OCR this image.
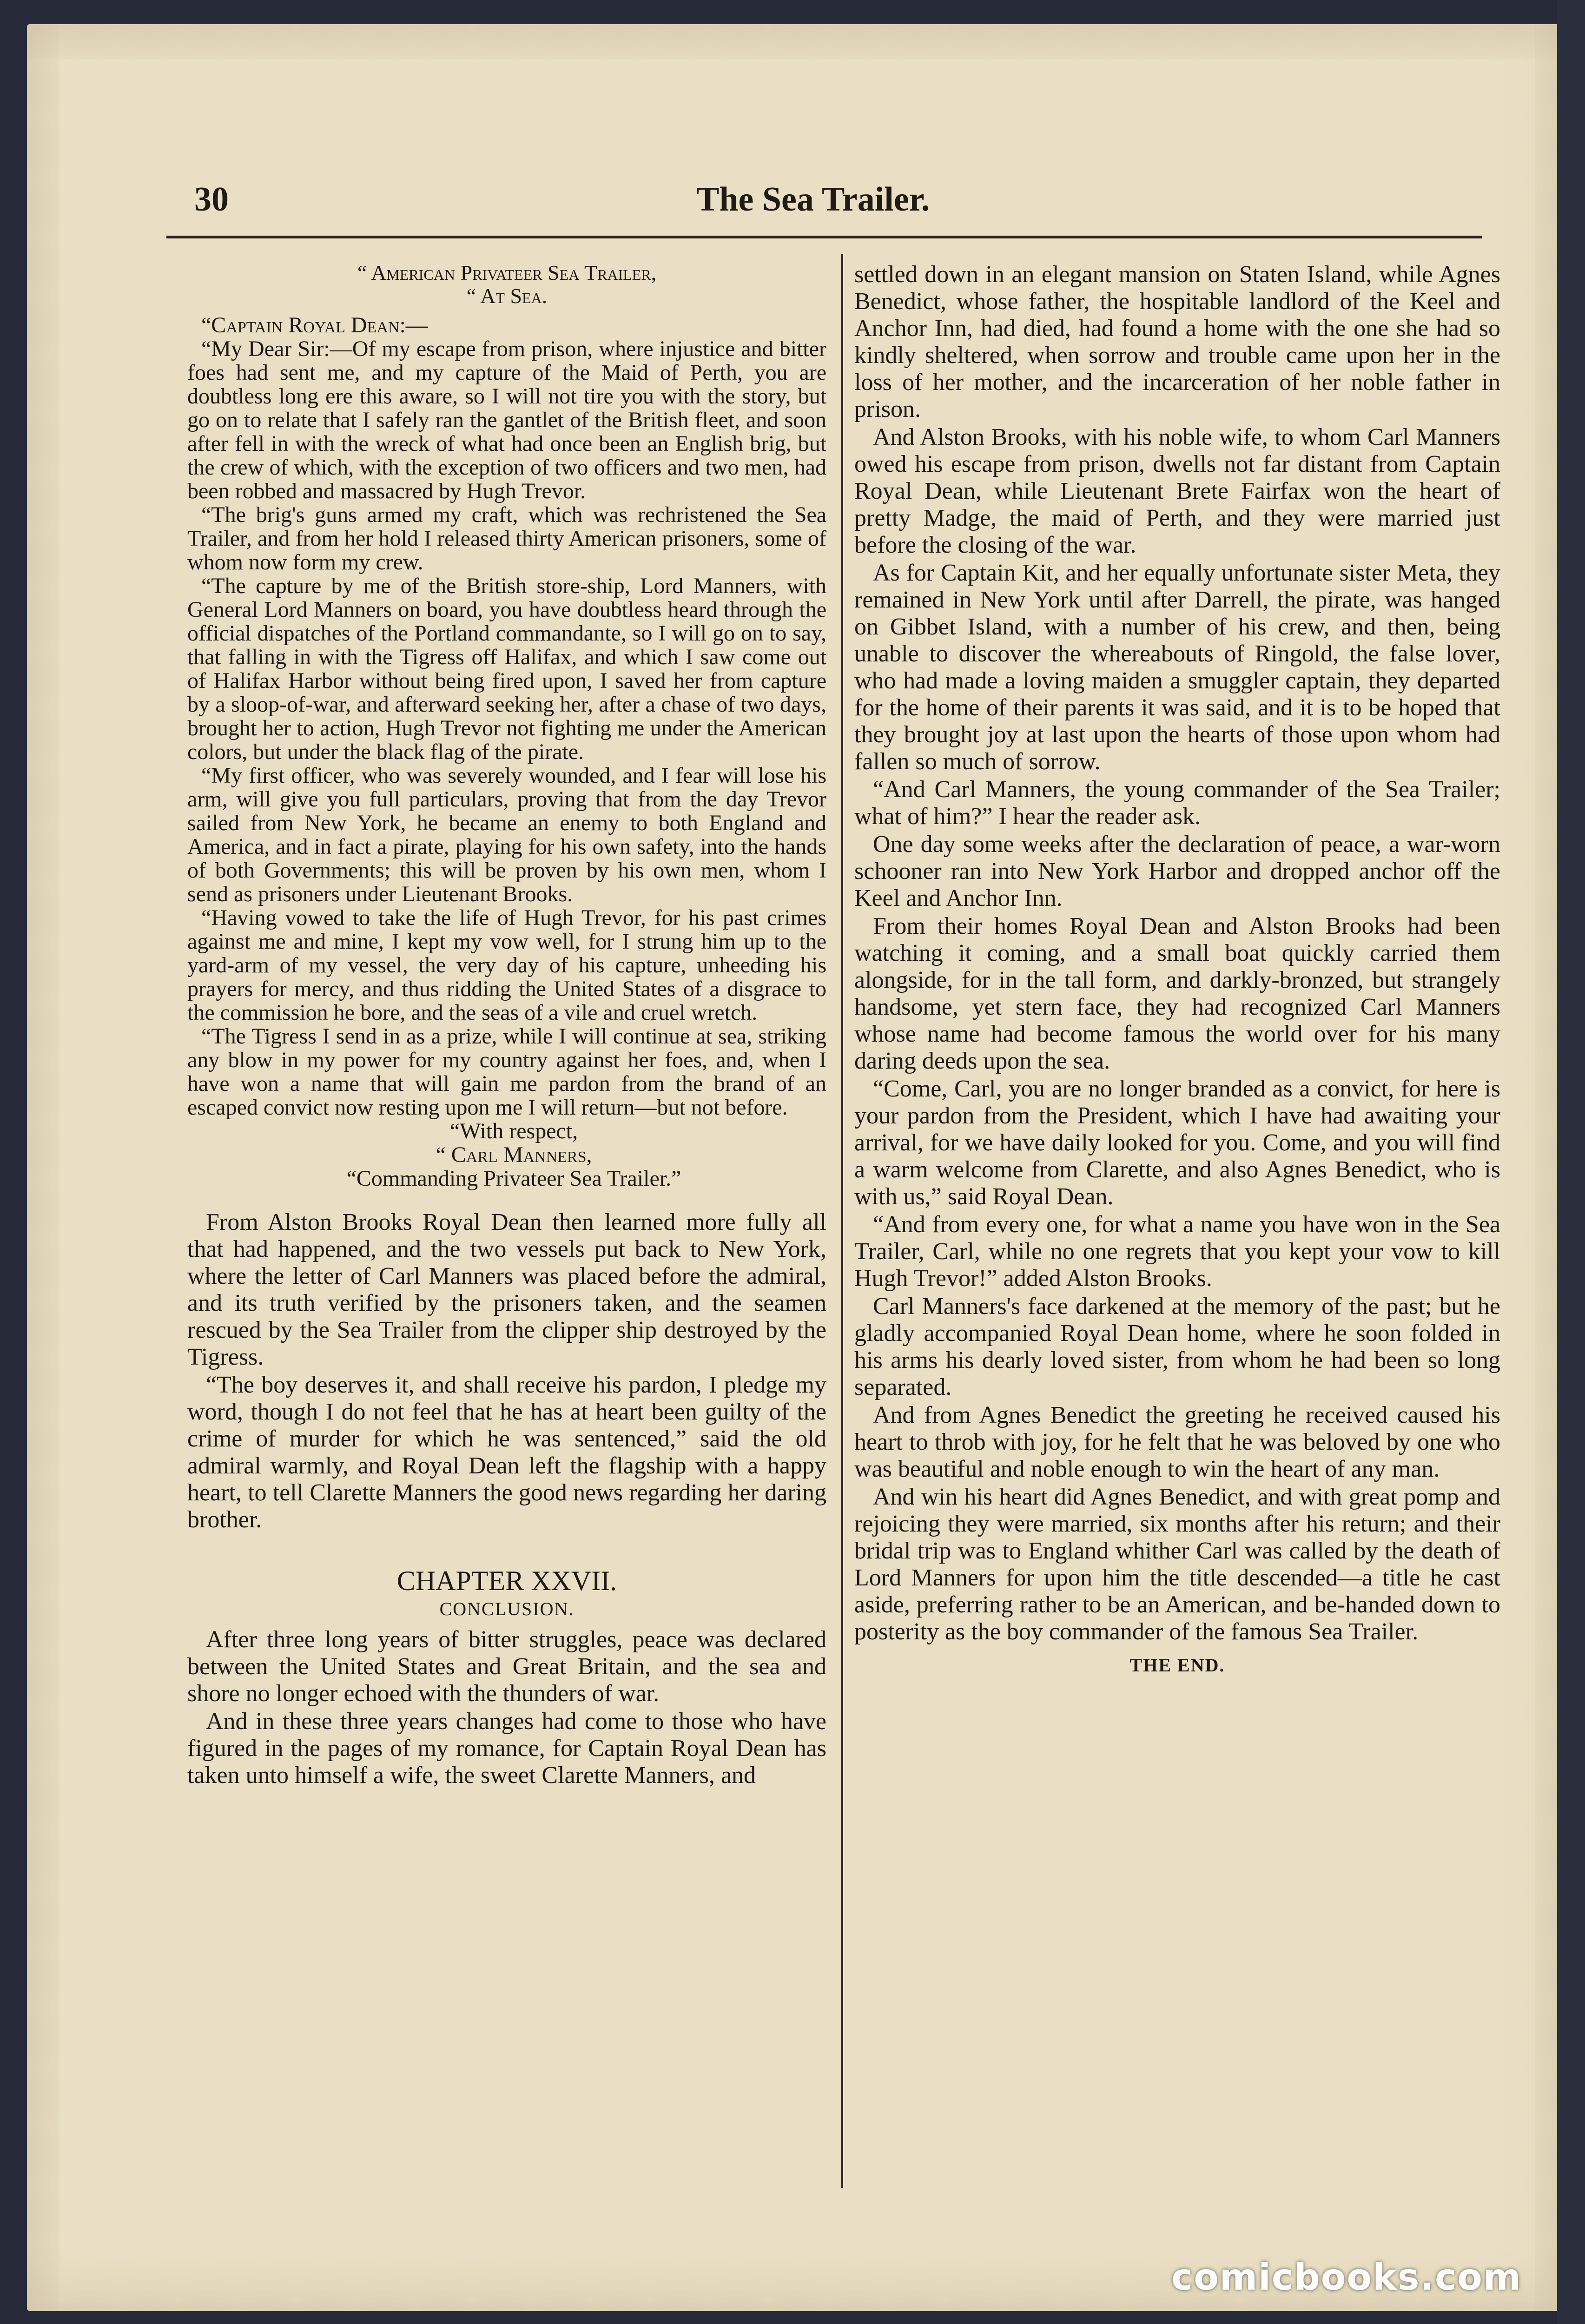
30	The Sea Trailer.
“ American Privateer Sea Trailer,
“ At Sea.

“Captain Royal Dean:—

“My Dear Sir:—Of my escape from prison, where injustice and bitter foes had sent me, and my capture of the Maid of Perth, you are doubtless long ere this aware, so I will not tire you with the story, but go on to relate that I safely ran the gantlet of the British fleet, and soon after fell in with the wreck of what had once been an English brig, but the crew of which, with the exception of two officers and two men, had been robbed and massacred by Hugh Trevor.

“The brig's guns armed my craft, which was rechristened the Sea Trailer, and from her hold I released thirty American prisoners, some of whom now form my crew.

“The capture by me of the British store-ship, Lord Manners, with General Lord Manners on board, you have doubtless heard through the official dispatches of the Portland commandante, so I will go on to say, that falling in with the Tigress off Halifax, and which I saw come out of Halifax Harbor without being fired upon, I saved her from capture by a sloop-of-war, and afterward seeking her, after a chase of two days, brought her to action, Hugh Trevor not fighting me under the American colors, but under the black flag of the pirate.

“My first officer, who was severely wounded, and I fear will lose his arm, will give you full particulars, proving that from the day Trevor sailed from New York, he became an enemy to both England and America, and in fact a pirate, playing for his own safety, into the hands of both Governments; this will be proven by his own men, whom I send as prisoners under Lieutenant Brooks.

“Having vowed to take the life of Hugh Trevor, for his past crimes against me and mine, I kept my vow well, for I strung him up to the yard-arm of my vessel, the very day of his capture, unheeding his prayers for mercy, and thus ridding the United States of a disgrace to the commission he bore, and the seas of a vile and cruel wretch.

“The Tigress I send in as a prize, while I will continue at sea, striking any blow in my power for my country against her foes, and, when I have won a name that will gain me pardon from the brand of an escaped convict now resting upon me I will return—but not before.

“With respect,

“ Carl Manners,

“Commanding Privateer Sea Trailer.”

From Alston Brooks Royal Dean then learned more fully all that had happened, and the two vessels put back to New York, where the letter of Carl Manners was placed before the admiral, and its truth verified by the prisoners taken, and the seamen rescued by the Sea Trailer from the clipper ship destroyed by the Tigress.

“The boy deserves it, and shall receive his pardon, I pledge my word, though I do not feel that he has at heart been guilty of the crime of murder for which he was sentenced,” said the old admiral warmly, and Royal Dean left the flagship with a happy heart, to tell Clarette Manners the good news regarding her daring brother.

CHAPTER XXVII.
CONCLUSION.

After three long years of bitter struggles, peace was declared between the United States and Great Britain, and the sea and shore no longer echoed with the thunders of war.

And in these three years changes had come to those who have figured in the pages of my romance, for Captain Royal Dean has taken unto himself a wife, the sweet Clarette Manners, and

settled down in an elegant mansion on Staten Island, while Agnes Benedict, whose father, the hospitable landlord of the Keel and Anchor Inn, had died, had found a home with the one she had so kindly sheltered, when sorrow and trouble came upon her in the loss of her mother, and the incarceration of her noble father in prison.

And Alston Brooks, with his noble wife, to whom Carl Manners owed his escape from prison, dwells not far distant from Captain Royal Dean, while Lieutenant Brete Fairfax won the heart of pretty Madge, the maid of Perth, and they were married just before the closing of the war.

As for Captain Kit, and her equally unfortunate sister Meta, they remained in New York until after Darrell, the pirate, was hanged on Gibbet Island, with a number of his crew, and then, being unable to discover the whereabouts of Ringold, the false lover, who had made a loving maiden a smuggler captain, they departed for the home of their parents it was said, and it is to be hoped that they brought joy at last upon the hearts of those upon whom had fallen so much of sorrow.

“And Carl Manners, the young commander of the Sea Trailer; what of him?” I hear the reader ask.

One day some weeks after the declaration of peace, a war-worn schooner ran into New York Harbor and dropped anchor off the Keel and Anchor Inn.

From their homes Royal Dean and Alston Brooks had been watching it coming, and a small boat quickly carried them alongside, for in the tall form, and darkly-bronzed, but strangely handsome, yet stern face, they had recognized Carl Manners whose name had become famous the world over for his many daring deeds upon the sea.

“Come, Carl, you are no longer branded as a convict, for here is your pardon from the President, which I have had awaiting your arrival, for we have daily looked for you. Come, and you will find a warm welcome from Clarette, and also Agnes Benedict, who is with us,” said Royal Dean.

“And from every one, for what a name you have won in the Sea Trailer, Carl, while no one regrets that you kept your vow to kill Hugh Trevor!” added Alston Brooks.

Carl Manners's face darkened at the memory of the past; but he gladly accompanied Royal Dean home, where he soon folded in his arms his dearly loved sister, from whom he had been so long separated.

And from Agnes Benedict the greeting he received caused his heart to throb with joy, for he felt that he was beloved by one who was beautiful and noble enough to win the heart of any man.

And win his heart did Agnes Benedict, and with great pomp and rejoicing they were married, six months after his return; and their bridal trip was to England whither Carl was called by the death of Lord Manners for upon him the title descended—a title he cast aside, preferring rather to be an American, and be-handed down to posterity as the boy commander of the famous Sea Trailer.

THE END.
comicbooks.com
